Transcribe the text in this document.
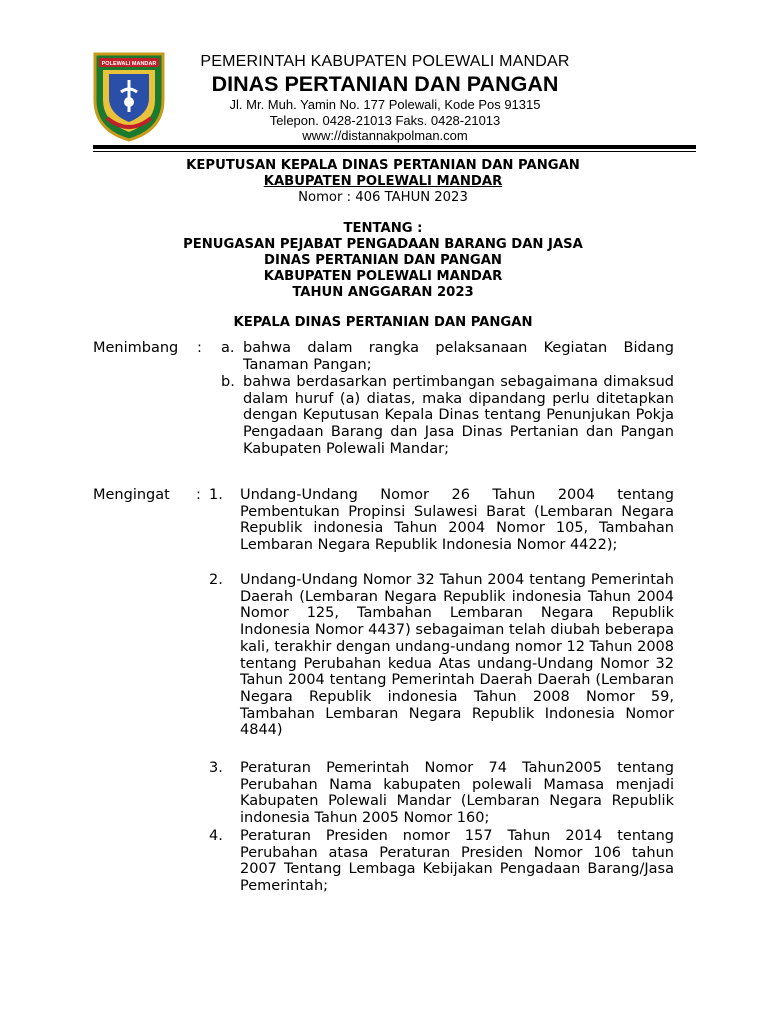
POLEWALI MANDAR	PEMERINTAH KABUPATEN POLEWALI MANDAR
DINAS PERTANIAN DAN PANGAN
Jl. Mr. Muh. Yamin No. 177 Polewali, Kode Pos 91315
Telepon. 0428-21013 Faks. 0428-21013
www://distannakpolman.com
KEPUTUSAN KEPALA DINAS PERTANIAN DAN PANGAN
KABUPATEN POLEWALI MANDAR
Nomor : 406 TAHUN 2023
TENTANG :
PENUGASAN PEJABAT PENGADAAN BARANG DAN JASA
DINAS PERTANIAN DAN PANGAN
KABUPATEN POLEWALI MANDAR
TAHUN ANGGARAN 2023
KEPALA DINAS PERTANIAN DAN PANGAN
Menimbang : a. bahwa dalam rangka pelaksanaan Kegiatan Bidang Tanaman Pangan;
b. bahwa berdasarkan pertimbangan sebagaimana dimaksud dalam huruf (a) diatas, maka dipandang perlu ditetapkan dengan Keputusan Kepala Dinas tentang Penunjukan Pokja Pengadaan Barang dan Jasa Dinas Pertanian dan Pangan Kabupaten Polewali Mandar;
Mengingat : 1. Undang-Undang Nomor 26 Tahun 2004 tentang Pembentukan Propinsi Sulawesi Barat (Lembaran Negara Republik indonesia Tahun 2004 Nomor 105, Tambahan Lembaran Negara Republik Indonesia Nomor 4422);
2. Undang-Undang Nomor 32 Tahun 2004 tentang Pemerintah Daerah (Lembaran Negara Republik indonesia Tahun 2004 Nomor 125, Tambahan Lembaran Negara Republik Indonesia Nomor 4437) sebagaiman telah diubah beberapa kali, terakhir dengan undang-undang nomor 12 Tahun 2008 tentang Perubahan kedua Atas undang-Undang Nomor 32 Tahun 2004 tentang Pemerintah Daerah Daerah (Lembaran Negara Republik indonesia Tahun 2008 Nomor 59, Tambahan Lembaran Negara Republik Indonesia Nomor 4844)
3. Peraturan Pemerintah Nomor 74 Tahun2005 tentang Perubahan Nama kabupaten polewali Mamasa menjadi Kabupaten Polewali Mandar (Lembaran Negara Republik indonesia Tahun 2005 Nomor 160;
4. Peraturan Presiden nomor 157 Tahun 2014 tentang Perubahan atasa Peraturan Presiden Nomor 106 tahun 2007 Tentang Lembaga Kebijakan Pengadaan Barang/Jasa Pemerintah;
